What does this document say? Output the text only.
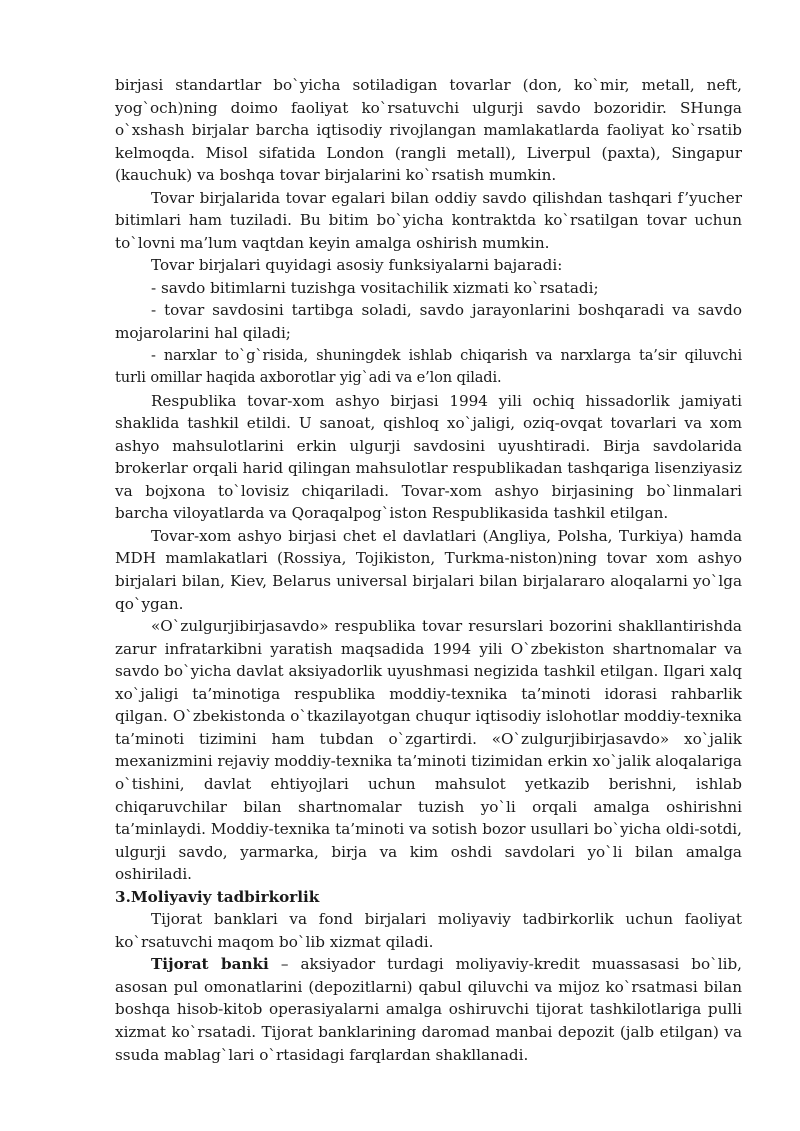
birjasi standartlar bo`yicha sotiladigan tovarlar (don, ko`mir, metall, neft, yog`och)ning doimo faoliyat ko`rsatuvchi ulgurji savdo bozoridir. SHunga o`xshash birjalar barcha iqtisodiy rivojlangan mamlakatlarda faoliyat ko`rsatib kelmoqda. Misol sifatida London (rangli metall), Liverpul (paxta), Singapur (kauchuk) va boshqa tovar birjalarini ko`rsatish mumkin.

Tovar birjalarida tovar egalari bilan oddiy savdo qilishdan tashqari f’yucher bitimlari ham tuziladi. Bu bitim bo`yicha kontraktda ko`rsatilgan tovar uchun to`lovni ma’lum vaqtdan keyin amalga oshirish mumkin.

Tovar birjalari quyidagi asosiy funksiyalarni bajaradi:

- savdo bitimlarni tuzishga vositachilik xizmati ko`rsatadi;

- tovar savdosini tartibga soladi, savdo jarayonlarini boshqaradi va savdo mojarolarini hal qiladi;

- narxlar to`g`risida, shuningdek ishlab chiqarish va narxlarga ta’sir qiluvchi turli omillar haqida axborotlar yig`adi va e’lon qiladi.

Respublika tovar-xom ashyo birjasi 1994 yili ochiq hissadorlik jamiyati shaklida tashkil etildi. U sanoat, qishloq xo`jaligi, oziq-ovqat tovarlari va xom ashyo mahsulotlarini erkin ulgurji savdosini uyushtiradi. Birja savdolarida brokerlar orqali harid qilingan mahsulotlar respublikadan tashqariga lisenziyasiz va bojxona to`lovisiz chiqariladi. Tovar-xom ashyo birjasining bo`linmalari barcha viloyatlarda va Qoraqalpog`iston Respublikasida tashkil etilgan.

Tovar-xom ashyo birjasi chet el davlatlari (Angliya, Polsha, Turkiya) hamda MDH mamlakatlari (Rossiya, Tojikiston, Turkma-niston)ning tovar xom ashyo birjalari bilan, Kiev, Belarus universal birjalari bilan birjalararo aloqalarni yo`lga qo`ygan.

«O`zulgurjibirjasavdo» respublika tovar resurslari bozorini shakllantirishda zarur infratarkibni yaratish maqsadida 1994 yili O`zbekiston shartnomalar va savdo bo`yicha davlat aksiyadorlik uyushmasi negizida tashkil etilgan. Ilgari xalq xo`jaligi ta’minotiga respublika moddiy-texnika ta’minoti idorasi rahbarlik qilgan. O`zbekistonda o`tkazilayotgan chuqur iqtisodiy islohotlar moddiy-texnika ta’minoti tizimini ham tubdan o`zgartirdi. «O`zulgurjibirjasavdo» xo`jalik mexanizmini rejaviy moddiy-texnika ta’minoti tizimidan erkin xo`jalik aloqalariga o`tishini, davlat ehtiyojlari uchun mahsulot yetkazib berishni, ishlab chiqaruvchilar bilan shartnomalar tuzish yo`li orqali amalga oshirishni ta’minlaydi. Moddiy-texnika ta’minoti va sotish bozor usullari bo`yicha oldi-sotdi, ulgurji savdo, yarmarka, birja va kim oshdi savdolari yo`li bilan amalga oshiriladi.

3.Moliyaviy tadbirkorlik

Tijorat banklari va fond birjalari moliyaviy tadbirkorlik uchun faoliyat ko`rsatuvchi maqom bo`lib xizmat qiladi.

Tijorat banki – aksiyador turdagi moliyaviy-kredit muassasasi bo`lib, asosan pul omonatlarini (depozitlarni) qabul qiluvchi va mijoz ko`rsatmasi bilan boshqa hisob-kitob operasiyalarni amalga oshiruvchi tijorat tashkilotlariga pulli xizmat ko`rsatadi. Tijorat banklarining daromad manbai depozit (jalb etilgan) va ssuda mablag`lari o`rtasidagi farqlardan shakllanadi.
